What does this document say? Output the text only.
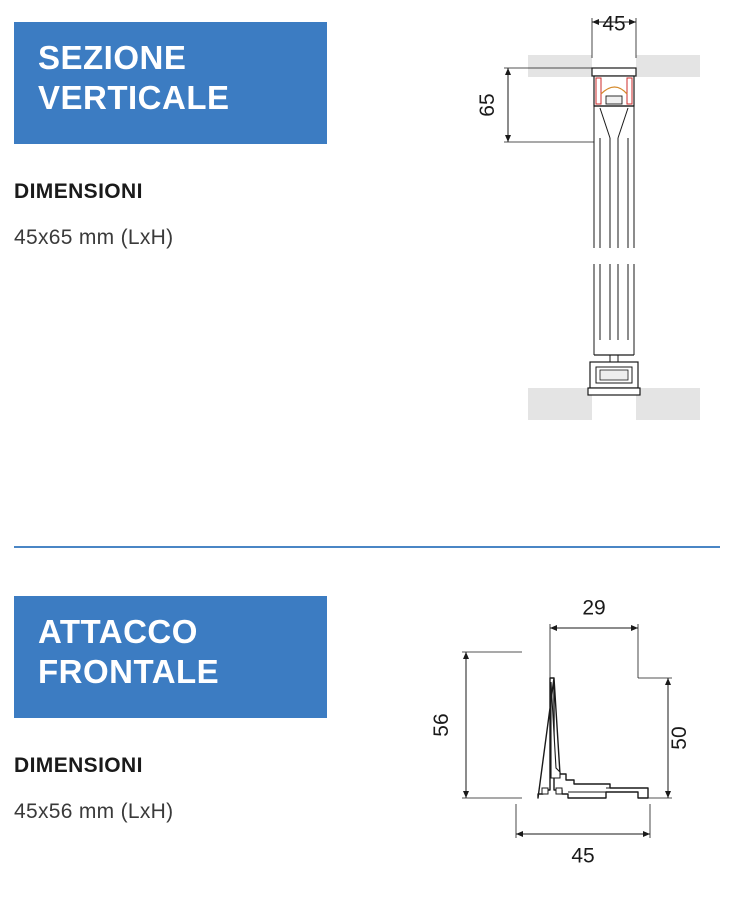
SEZIONE
VERTICALE
DIMENSIONI
45x65 mm (LxH)
45
65
ATTACCO
FRONTALE
DIMENSIONI
45x56 mm (LxH)
29
50
56
45
